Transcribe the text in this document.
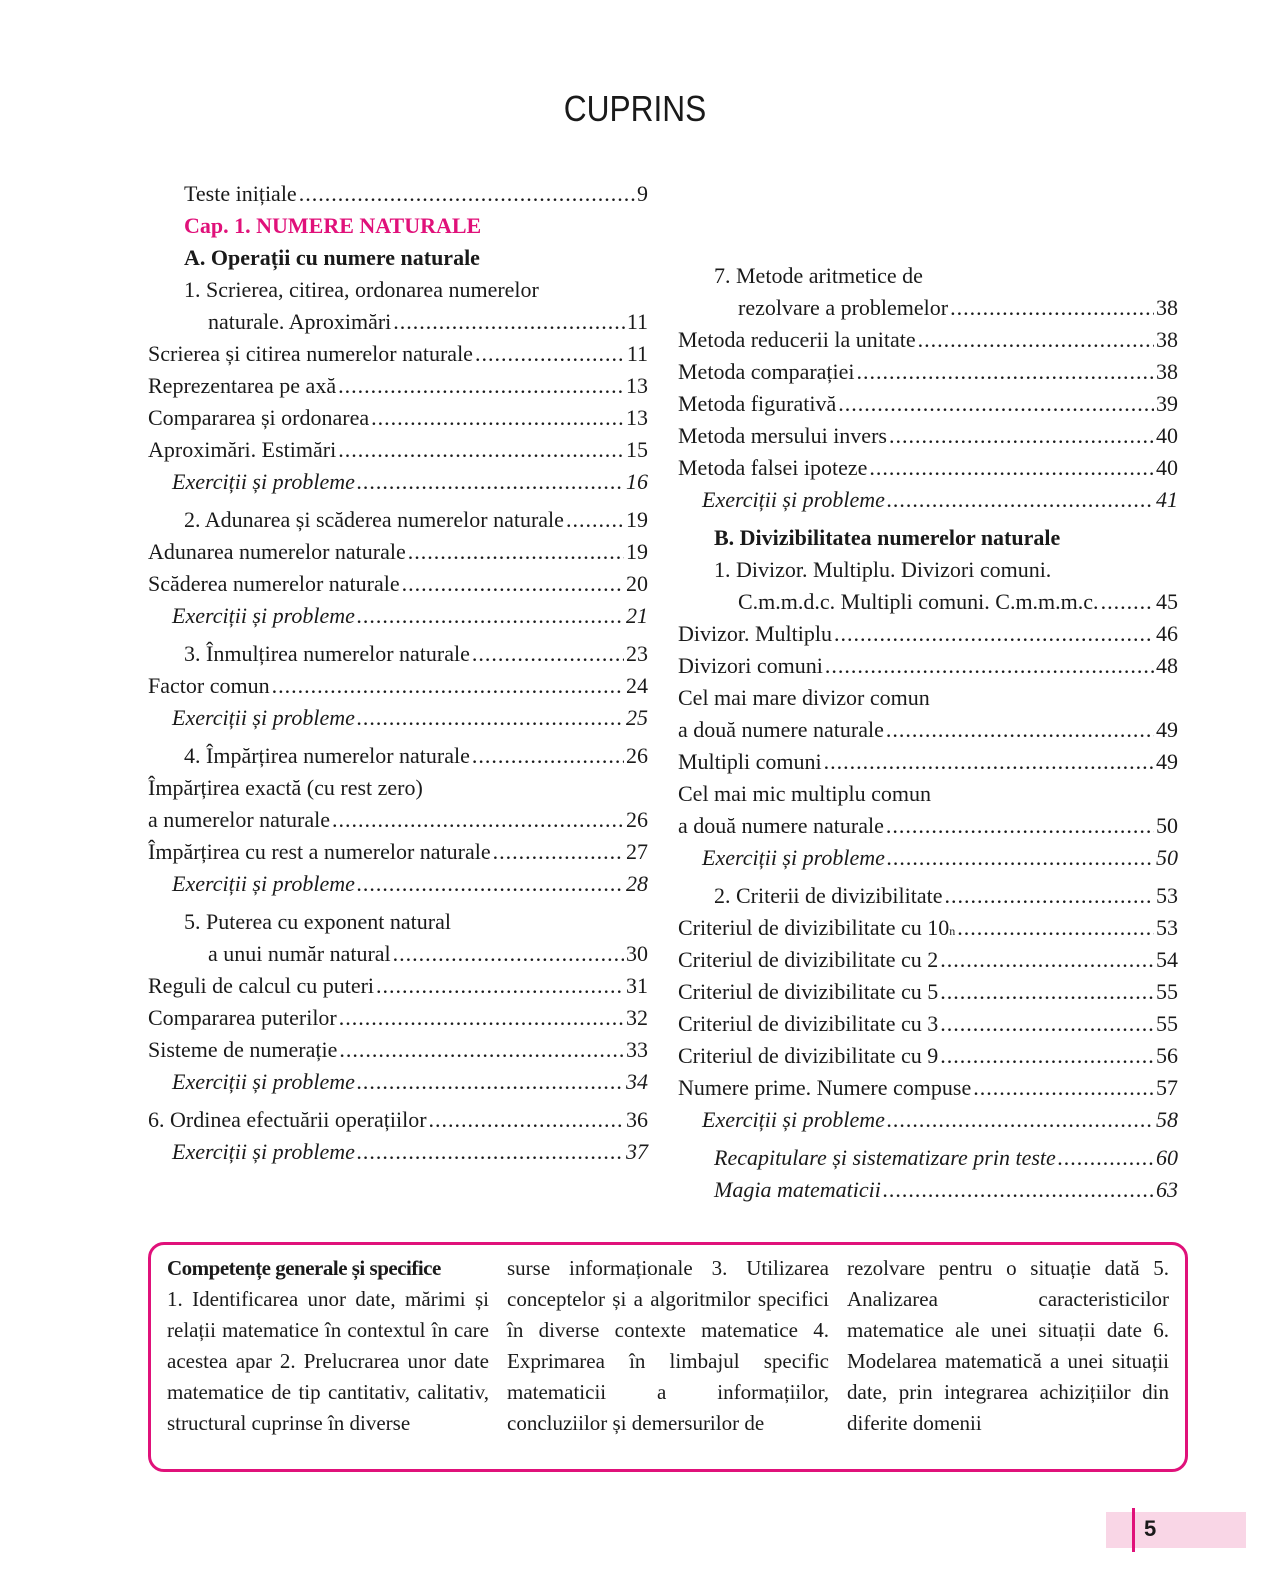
CUPRINS
Teste inițiale .....	9
Cap. 1. NUMERE NATURALE
A. Operații cu numere naturale
1. Scrierea, citirea, ordonarea numerelor
naturale. Aproximări .....	11
Scrierea și citirea numerelor naturale .....	11
Reprezentarea pe axă .....	13
Compararea și ordonarea .....	13
Aproximări. Estimări .....	15
Exerciții și probleme .....	16
2. Adunarea și scăderea numerelor naturale .....	19
Adunarea numerelor naturale .....	19
Scăderea numerelor naturale .....	20
Exerciții și probleme .....	21
3. Înmulțirea numerelor naturale .....	23
Factor comun .....	24
Exerciții și probleme .....	25
4. Împărțirea numerelor naturale .....	26
Împărțirea exactă (cu rest zero)
a numerelor naturale .....	26
Împărțirea cu rest a numerelor naturale .....	27
Exerciții și probleme .....	28
5. Puterea cu exponent natural
a unui număr natural .....	30
Reguli de calcul cu puteri .....	31
Compararea puterilor .....	32
Sisteme de numerație .....	33
Exerciții și probleme .....	34
6. Ordinea efectuării operațiilor .....	36
Exerciții și probleme .....	37
7. Metode aritmetice de
rezolvare a problemelor .....	38
Metoda reducerii la unitate .....	38
Metoda comparației .....	38
Metoda figurativă .....	39
Metoda mersului invers .....	40
Metoda falsei ipoteze .....	40
Exerciții și probleme .....	41
B. Divizibilitatea numerelor naturale
1. Divizor. Multiplu. Divizori comuni.
C.m.m.d.c. Multipli comuni. C.m.m.m.c. .....	45
Divizor. Multiplu .....	46
Divizori comuni .....	48
Cel mai mare divizor comun
a două numere naturale .....	49
Multipli comuni .....	49
Cel mai mic multiplu comun
a două numere naturale .....	50
Exerciții și probleme .....	50
2. Criterii de divizibilitate .....	53
Criteriul de divizibilitate cu 10 n .....	53
Criteriul de divizibilitate cu 2 .....	54
Criteriul de divizibilitate cu 5 .....	55
Criteriul de divizibilitate cu 3 .....	55
Criteriul de divizibilitate cu 9 .....	56
Numere prime. Numere compuse .....	57
Exerciții și probleme .....	58
Recapitulare și sistematizare prin teste .....	60
Magia matematicii .....	63
Competențe generale și specifice
1. Identificarea unor date, mărimi și relații matematice în contextul în care acestea apar 2. Prelucrarea unor date matematice de tip cantitativ, calitativ, structural cuprinse în diverse
surse informaționale 3. Utilizarea conceptelor și a algoritmilor specifici în diverse contexte matematice 4. Exprimarea în limbajul specific matematicii a informațiilor, concluziilor și demersurilor de
rezolvare pentru o situație dată 5. Analizarea caracteristicilor matematice ale unei situații date 6. Modelarea matematică a unei situații date, prin integrarea achizițiilor din diferite domenii
5
